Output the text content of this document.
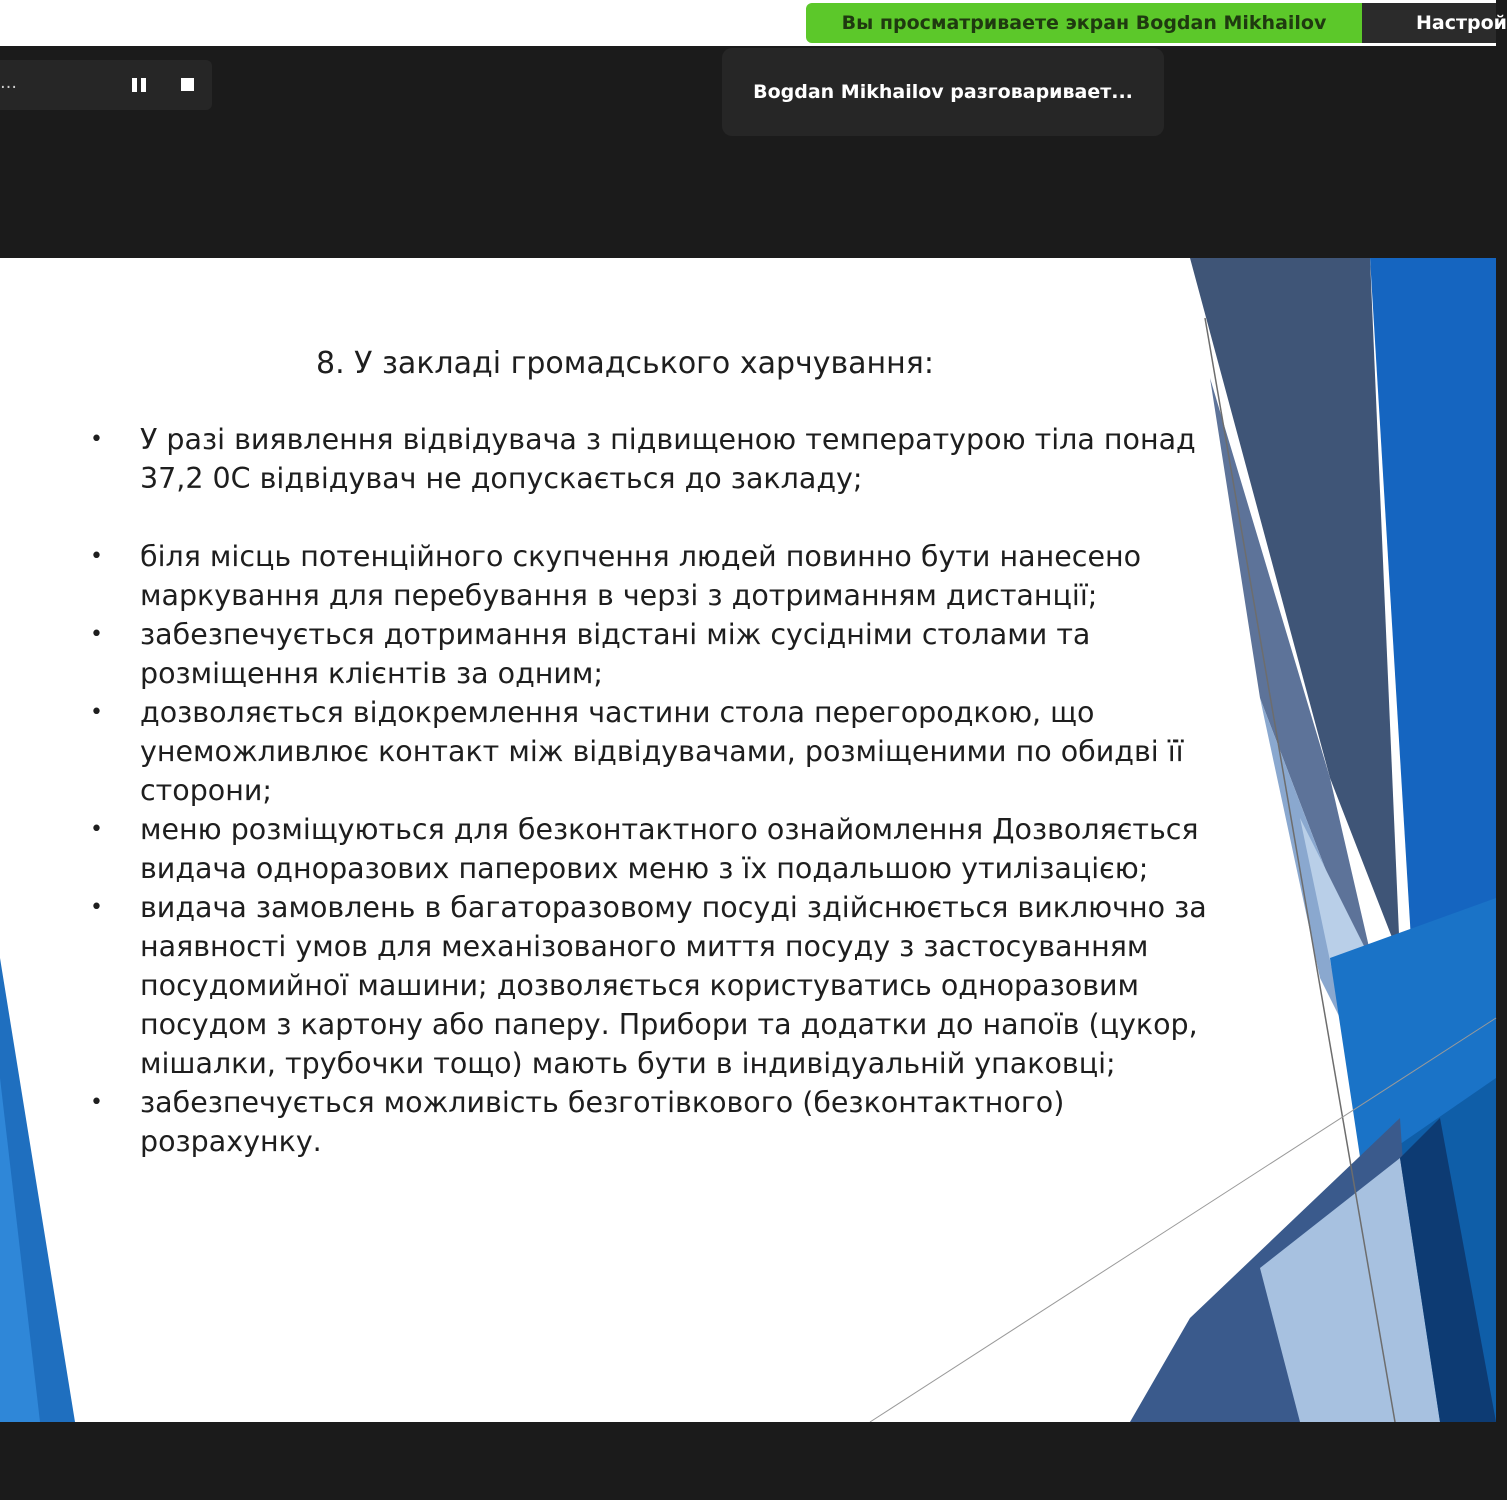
Вы просматриваете экран Bogdan Mikhailov	Настрой
…	Bogdan Mikhailov разговаривает...
8. У закладі громадського харчування:
• У разі виявлення відвідувача з підвищеною температурою тіла понад 37,2 0С відвідувач не допускається до закладу;
• біля місць потенційного скупчення людей повинно бути нанесено маркування для перебування в черзі з дотриманням дистанції;
• забезпечується дотримання відстані між сусідніми столами та розміщення клієнтів за одним;
• дозволяється відокремлення частини стола перегородкою, що унеможливлює контакт між відвідувачами, розміщеними по обидві її сторони;
• меню розміщуються для безконтактного ознайомлення Дозволяється видача одноразових паперових меню з їх подальшою утилізацією;
• видача замовлень в багаторазовому посуді здійснюється виключно за наявності умов для механізованого миття посуду з застосуванням посудомийної машини; дозволяється користуватись одноразовим посудом з картону або паперу. Прибори та додатки до напоїв (цукор, мішалки, трубочки тощо) мають бути в індивідуальній упаковці;
• забезпечується можливість безготівкового (безконтактного) розрахунку.
